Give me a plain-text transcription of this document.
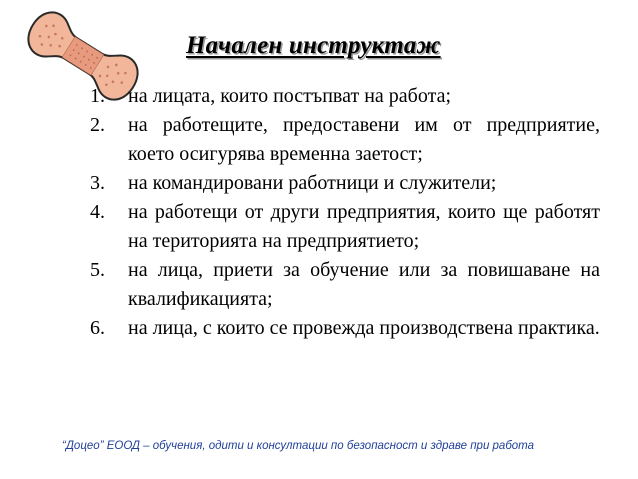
Начален инструктаж
1. на лицата, които постъпват на работа;
2. на работещите, предоставени им от предприятие, което осигурява временна заетост;
3. на командировани работници и служители;
4. на работещи от други предприятия, които ще работят на територията на предприятието;
5. на лица, приети за обучение или за повишаване на квалификацията;
6. на лица, с които се провежда производствена практика.
“Доцео” ЕООД – обучения, одити и консултации по безопасност и здраве при работа
